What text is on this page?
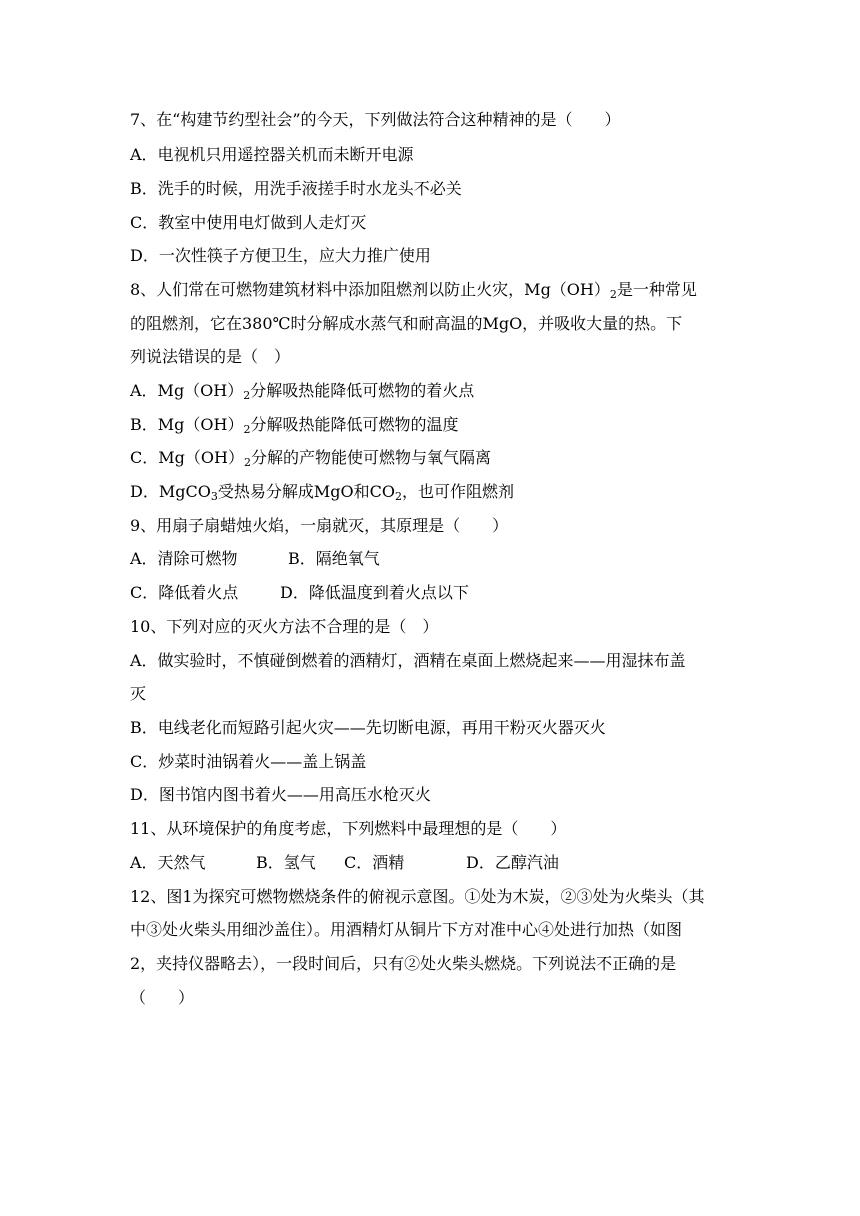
7、在“构建节约型社会”的今天，下列做法符合这种精神的是（　　）
A．电视机只用遥控器关机而未断开电源
B．洗手的时候，用洗手液搓手时水龙头不必关
C．教室中使用电灯做到人走灯灭
D．一次性筷子方便卫生，应大力推广使用
8、人们常在可燃物建筑材料中添加阻燃剂以防止火灾，$Mg(OH)_2$是一种常见
的阻燃剂，它在380℃时分解成水蒸气和耐高温的MgO，并吸收大量的热。下
列说法错误的是（　）
A．$Mg(OH)_2$分解吸热能降低可燃物的着火点
B．$Mg(OH)_2$分解吸热能降低可燃物的温度
C．$Mg(OH)_2$分解的产物能使可燃物与氧气隔离
D．MgCO$_3$受热易分解成MgO和$CO_2$，也可作阻燃剂
9、用扇子扇蜡烛火焰，一扇就灭，其原理是（　　）
A．清除可燃物	B．隔绝氧气
C．降低着火点	D．降低温度到着火点以下
10、下列对应的灭火方法不合理的是（　）
A．做实验时，不慎碰倒燃着的酒精灯，酒精在桌面上燃烧起来——用湿抹布盖
灭
B．电线老化而短路引起火灾——先切断电源，再用干粉灭火器灭火
C．炒菜时油锅着火——盖上锅盖
D．图书馆内图书着火——用高压水枪灭火
11、从环境保护的角度考虑，下列燃料中最理想的是（　　）
A．天然气	B．氢气 C．酒精	D．乙醇汽油
12、图1为探究可燃物燃烧条件的俯视示意图。①处为木炭，②③处为火柴头（其
中③处火柴头用细沙盖住）。用酒精灯从铜片下方对准中心④处进行加热（如图
2，夹持仪器略去），一段时间后，只有②处火柴头燃烧。下列说法不正确的是
（　　）
